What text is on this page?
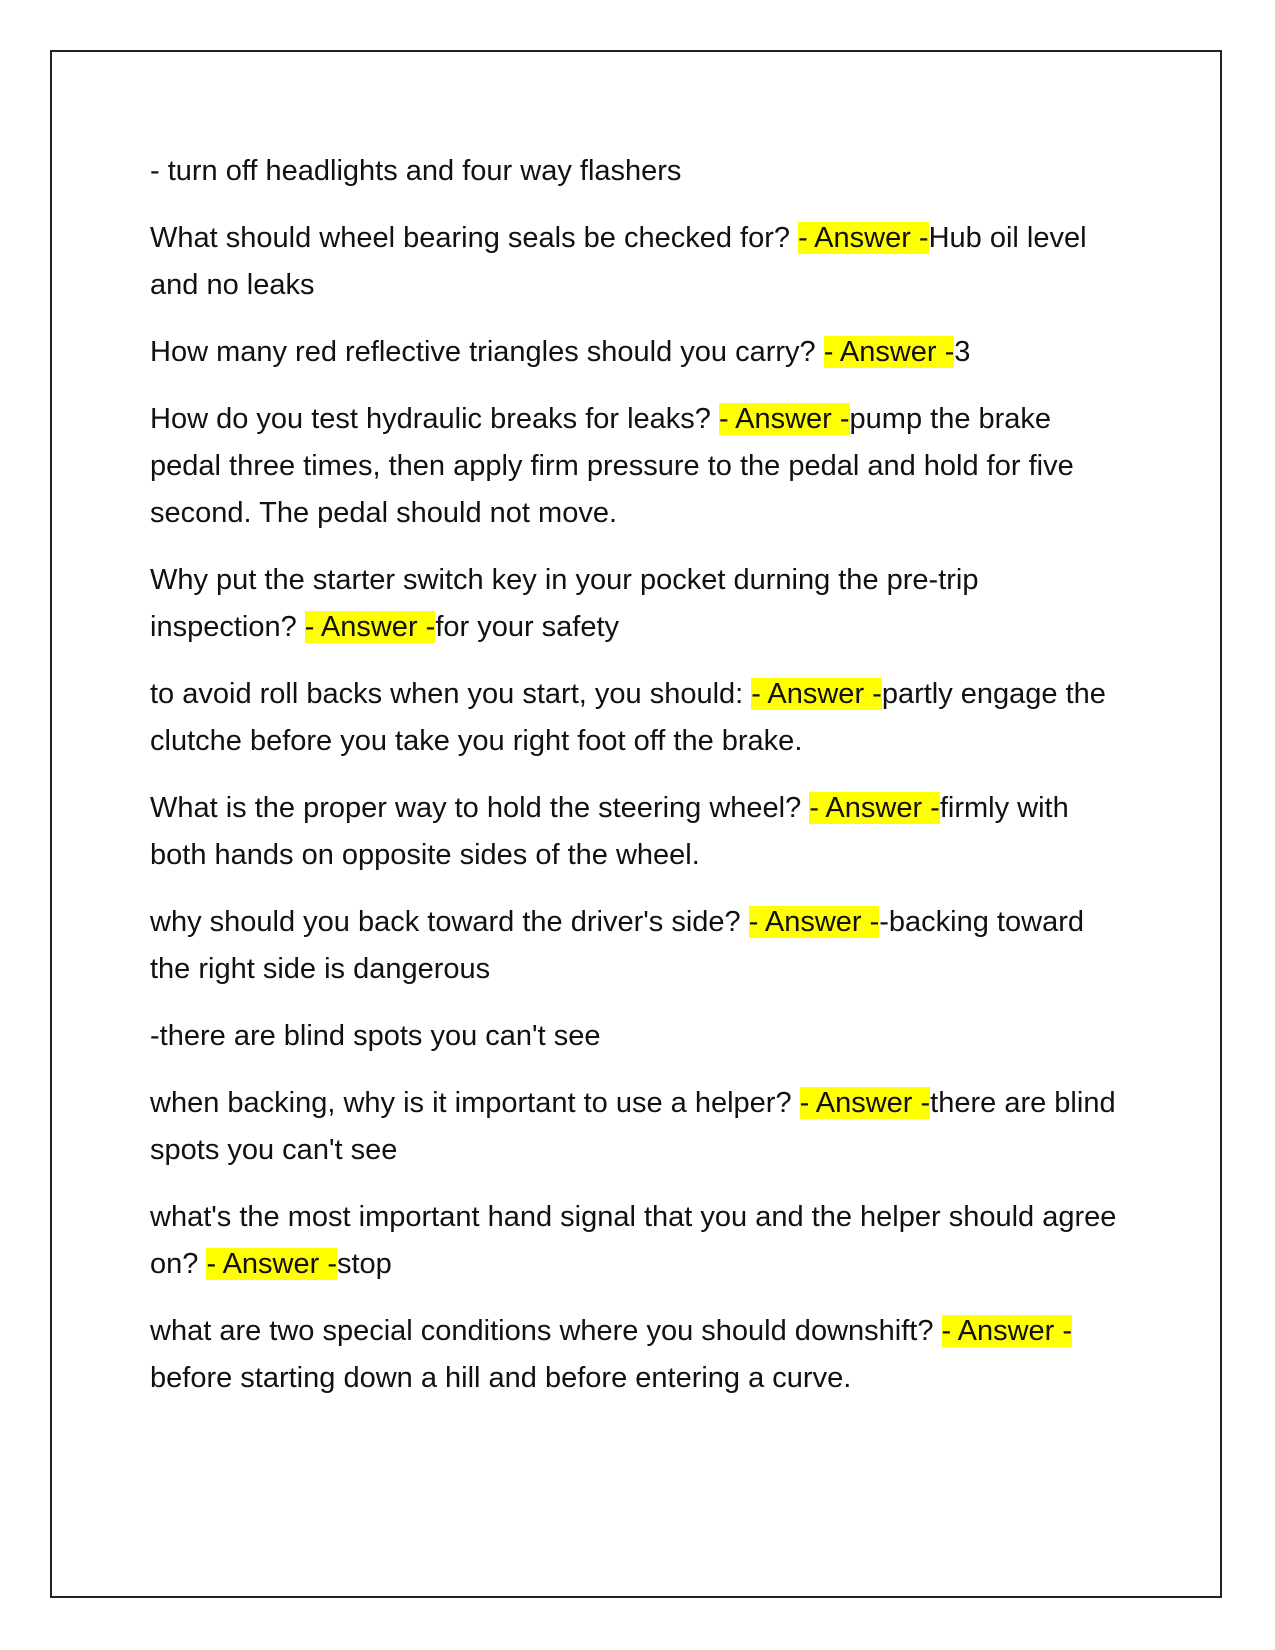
- turn off headlights and four way flashers

What should wheel bearing seals be checked for? - Answer -Hub oil level and no leaks

How many red reflective triangles should you carry? - Answer -3

How do you test hydraulic breaks for leaks? - Answer -pump the brake pedal three times, then apply firm pressure to the pedal and hold for five second. The pedal should not move.

Why put the starter switch key in your pocket durning the pre-trip inspection? - Answer -for your safety

to avoid roll backs when you start, you should: - Answer -partly engage the clutche before you take you right foot off the brake.

What is the proper way to hold the steering wheel? - Answer -firmly with both hands on opposite sides of the wheel.

why should you back toward the driver's side? - Answer --backing toward the right side is dangerous

-there are blind spots you can't see

when backing, why is it important to use a helper? - Answer -there are blind spots you can't see

what's the most important hand signal that you and the helper should agree on? - Answer -stop

what are two special conditions where you should downshift? - Answer -before starting down a hill and before entering a curve.
